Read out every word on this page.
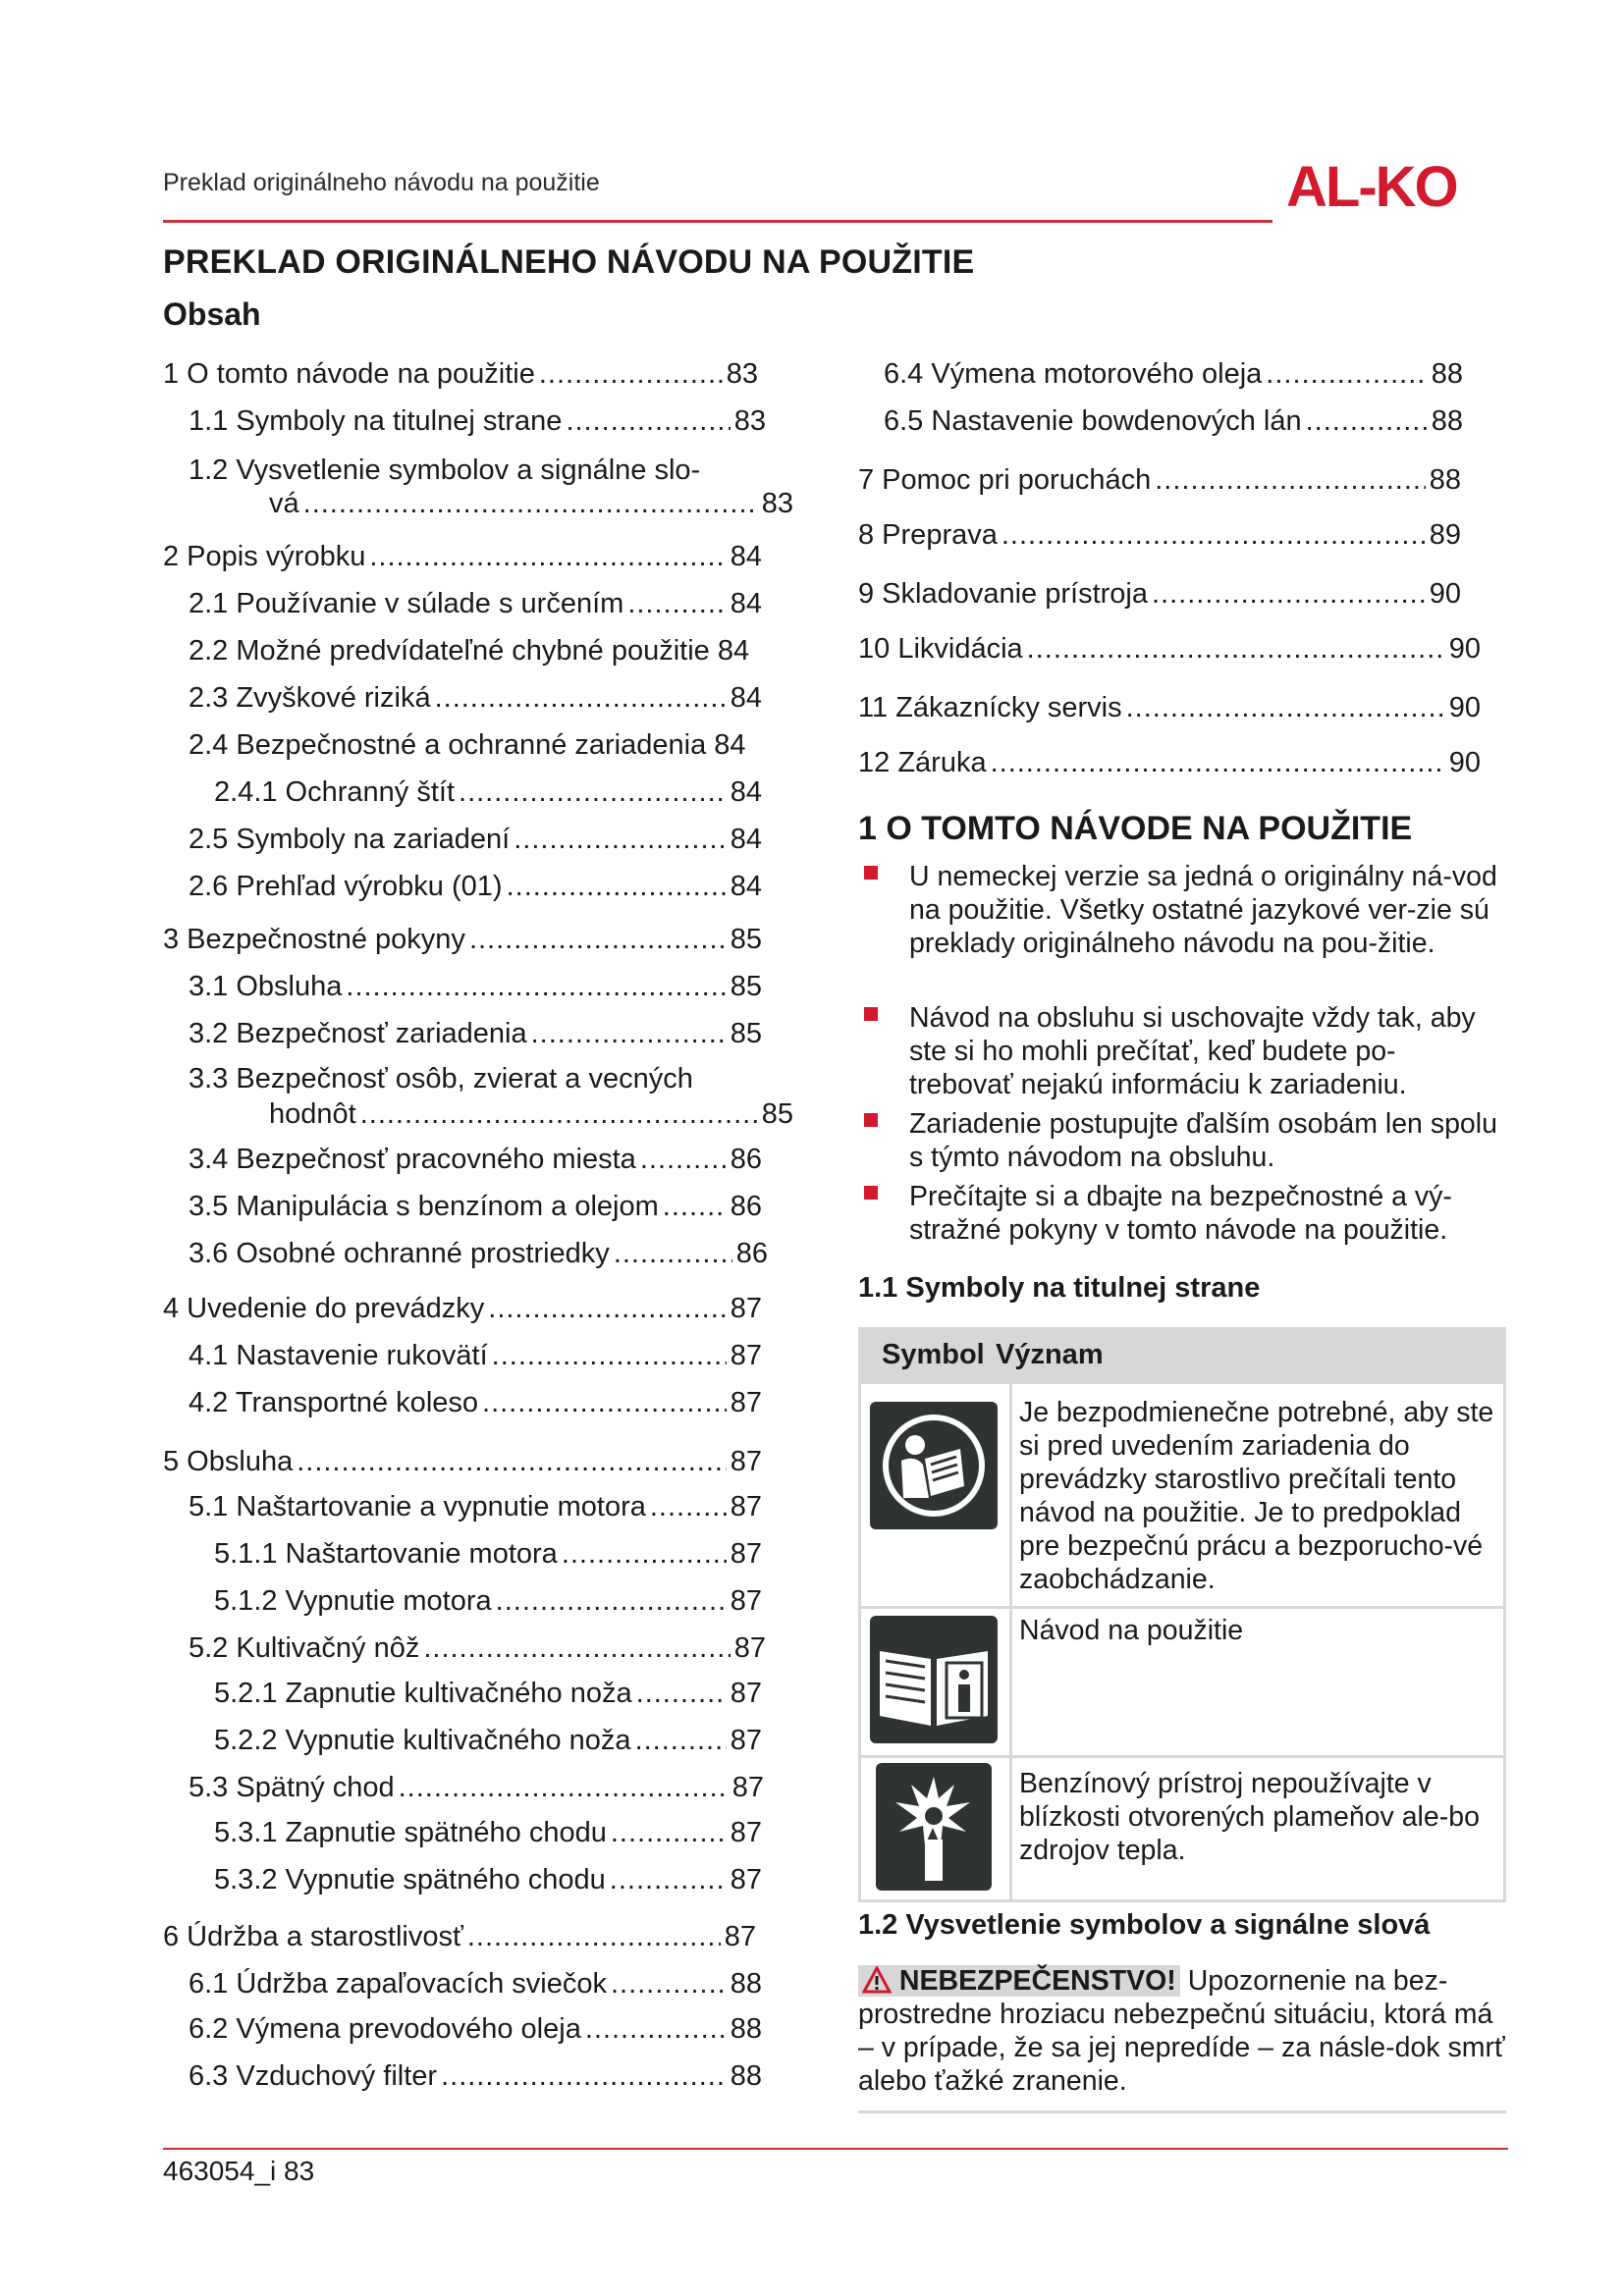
Preklad originálneho návodu na použitie	AL-KO
PREKLAD ORIGINÁLNEHO NÁVODU NA POUŽITIE
Obsah
1 O tomto návode na použitie .....	83
1.1 Symboly na titulnej strane .....	83
1.2 Vysvetlenie symbolov a signálne slo-
vá .....	83
2 Popis výrobku .....	84
2.1 Používanie v súlade s určením .....	84
2.2 Možné predvídateľné chybné použitie 84
2.3 Zvyškové riziká .....	84
2.4 Bezpečnostné a ochranné zariadenia 84
2.4.1 Ochranný štít .....	84
2.5 Symboly na zariadení .....	84
2.6 Prehľad výrobku (01) .....	84
3 Bezpečnostné pokyny .....	85
3.1 Obsluha .....	85
3.2 Bezpečnosť zariadenia .....	85
3.3 Bezpečnosť osôb, zvierat a vecných
hodnôt .....	85
3.4 Bezpečnosť pracovného miesta .....	86
3.5 Manipulácia s benzínom a olejom .....	86
3.6 Osobné ochranné prostriedky .....	86
4 Uvedenie do prevádzky .....	87
4.1 Nastavenie rukovätí .....	87
4.2 Transportné koleso .....	87
5 Obsluha .....	87
5.1 Naštartovanie a vypnutie motora .....	87
5.1.1 Naštartovanie motora .....	87
5.1.2 Vypnutie motora .....	87
5.2 Kultivačný nôž .....	87
5.2.1 Zapnutie kultivačného noža .....	87
5.2.2 Vypnutie kultivačného noža .....	87
5.3 Spätný chod .....	87
5.3.1 Zapnutie spätného chodu .....	87
5.3.2 Vypnutie spätného chodu .....	87
6 Údržba a starostlivosť .....	87
6.1 Údržba zapaľovacích sviečok .....	88
6.2 Výmena prevodového oleja .....	88
6.3 Vzduchový filter .....	88
6.4 Výmena motorového oleja .....	88
6.5 Nastavenie bowdenových lán .....	88
7 Pomoc pri poruchách .....	88
8 Preprava .....	89
9 Skladovanie prístroja .....	90
10 Likvidácia .....	90
11 Zákaznícky servis .....	90
12 Záruka .....	90
1 O TOMTO NÁVODE NA POUŽITIE
U nemeckej verzie sa jedná o originálny ná-vod na použitie. Všetky ostatné jazykové ver-zie sú preklady originálneho návodu na pou-žitie.
Návod na obsluhu si uschovajte vždy tak, aby ste si ho mohli prečítať, keď budete po-trebovať nejakú informáciu k zariadeniu.
Zariadenie postupujte ďalším osobám len spolu s týmto návodom na obsluhu.
Prečítajte si a dbajte na bezpečnostné a vý-stražné pokyny v tomto návode na použitie.
1.1 Symboly na titulnej strane
Symbol Význam
Je bezpodmienečne potrebné, aby ste si pred uvedením zariadenia do prevádzky starostlivo prečítali tento návod na použitie. Je to predpoklad pre bezpečnú prácu a bezporucho-vé zaobchádzanie.
Návod na použitie
Benzínový prístroj nepoužívajte v blízkosti otvorených plameňov ale-bo zdrojov tepla.
1.2 Vysvetlenie symbolov a signálne slová
NEBEZPEČENSTVO! Upozornenie na bez-prostredne hroziacu nebezpečnú situáciu, ktorá má – v prípade, že sa jej nepredíde – za násle-dok smrť alebo ťažké zranenie.
463054_i 83
